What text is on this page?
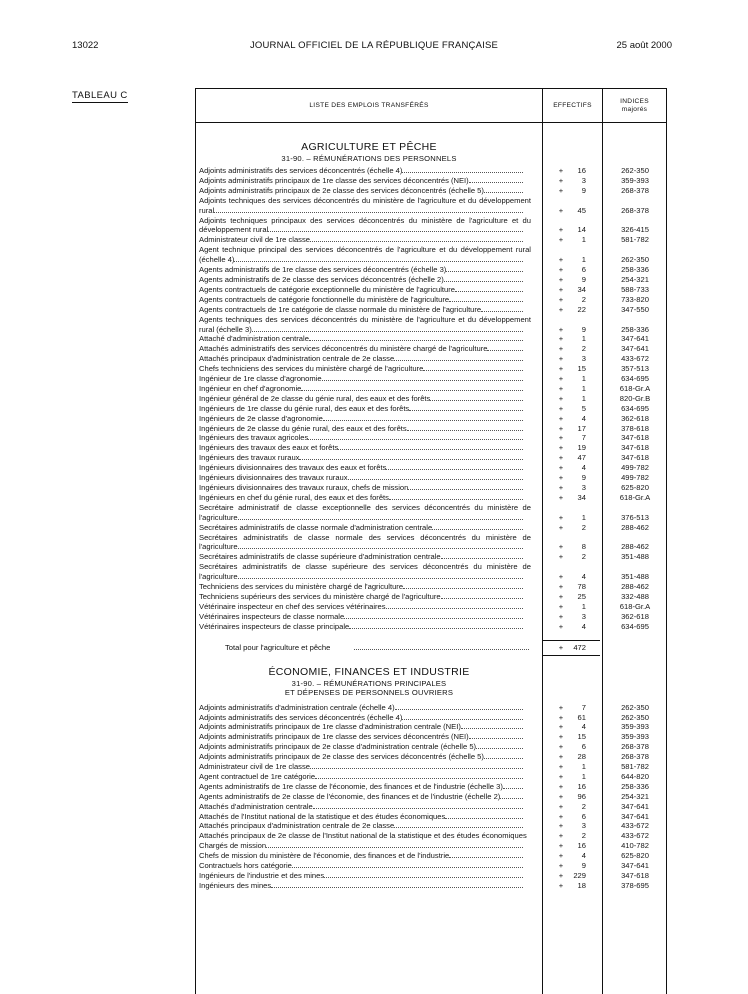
13022	JOURNAL OFFICIEL DE LA RÉPUBLIQUE FRANÇAISE	25 août 2000
TABLEAU C
LISTE DES EMPLOIS TRANSFÉRÉS	EFFECTIFS
INDICES
majorés
AGRICULTURE ET PÊCHE
31-90. – RÉMUNÉRATIONS DES PERSONNELS
Adjoints administratifs des services déconcentrés (échelle 4)	+	16	262-350
Adjoints administratifs principaux de 1re classe des services déconcentrés (NEI)	+	3	359-393
Adjoints administratifs principaux de 2e classe des services déconcentrés (échelle 5)	+	9	268-378
Adjoints techniques des services déconcentrés du ministère de l'agriculture et du développement rural	+	45	268-378
Adjoints techniques principaux des services déconcentrés du ministère de l'agriculture et du développement rural	+	14	326-415
Administrateur civil de 1re classe	+	1	581-782
Agent technique principal des services déconcentrés de l'agriculture et du développement rural (échelle 4)	+	1	262-350
Agents administratifs de 1re classe des services déconcentrés (échelle 3)	+	6	258-336
Agents administratifs de 2e classe des services déconcentrés (échelle 2)	+	9	254-321
Agents contractuels de catégorie exceptionnelle du ministère de l'agriculture	+	34	588-733
Agents contractuels de catégorie fonctionnelle du ministère de l'agriculture	+	2	733-820
Agents contractuels de 1re catégorie de classe normale du ministère de l'agriculture	+	22	347-550
Agents techniques des services déconcentrés du ministère de l'agriculture et du développement rural (échelle 3)	+	9	258-336
Attaché d'administration centrale	+	1	347-641
Attachés administratifs des services déconcentrés du ministère chargé de l'agriculture	+	2	347-641
Attachés principaux d'administration centrale de 2e classe	+	3	433-672
Chefs techniciens des services du ministère chargé de l'agriculture	+	15	357-513
Ingénieur de 1re classe d'agronomie	+	1	634-695
Ingénieur en chef d'agronomie	+	1	618-Gr.A
Ingénieur général de 2e classe du génie rural, des eaux et des forêts	+	1	820-Gr.B
Ingénieurs de 1re classe du génie rural, des eaux et des forêts	+	5	634-695
Ingénieurs de 2e classe d'agronomie	+	4	362-618
Ingénieurs de 2e classe du génie rural, des eaux et des forêts	+	17	378-618
Ingénieurs des travaux agricoles	+	7	347-618
Ingénieurs des travaux des eaux et forêts	+	19	347-618
Ingénieurs des travaux ruraux	+	47	347-618
Ingénieurs divisionnaires des travaux des eaux et forêts	+	4	499-782
Ingénieurs divisionnaires des travaux ruraux	+	9	499-782
Ingénieurs divisionnaires des travaux ruraux, chefs de mission	+	3	625-820
Ingénieurs en chef du génie rural, des eaux et des forêts	+	34	618-Gr.A
Secrétaire administratif de classe exceptionnelle des services déconcentrés du ministère de l'agriculture	+	1	376-513
Secrétaires administratifs de classe normale d'administration centrale	+	2	288-462
Secrétaires administratifs de classe normale des services déconcentrés du ministère de l'agriculture	+	8	288-462
Secrétaires administratifs de classe supérieure d'administration centrale	+	2	351-488
Secrétaires administratifs de classe supérieure des services déconcentrés du ministère de l'agriculture	+	4	351-488
Techniciens des services du ministère chargé de l'agriculture	+	78	288-462
Techniciens supérieurs des services du ministère chargé de l'agriculture	+	25	332-488
Vétérinaire inspecteur en chef des services vétérinaires	+	1	618-Gr.A
Vétérinaires inspecteurs de classe normale	+	3	362-618
Vétérinaires inspecteurs de classe principale	+	4	634-695
Total pour l'agriculture et pêche	+	472
ÉCONOMIE, FINANCES ET INDUSTRIE
31-90. – RÉMUNÉRATIONS PRINCIPALES
ET DÉPENSES DE PERSONNELS OUVRIERS
Adjoints administratifs d'administration centrale (échelle 4)	+	7	262-350
Adjoints administratifs des services déconcentrés (échelle 4)	+	61	262-350
Adjoints administratifs principaux de 1re classe d'administration centrale (NEI)	+	4	359-393
Adjoints administratifs principaux de 1re classe des services déconcentrés (NEI)	+	15	359-393
Adjoints administratifs principaux de 2e classe d'administration centrale (échelle 5)	+	6	268-378
Adjoints administratifs principaux de 2e classe des services déconcentrés (échelle 5)	+	28	268-378
Administrateur civil de 1re classe	+	1	581-782
Agent contractuel de 1re catégorie	+	1	644-820
Agents administratifs de 1re classe de l'économie, des finances et de l'industrie (échelle 3)	+	16	258-336
Agents administratifs de 2e classe de l'économie, des finances et de l'industrie (échelle 2)	+	96	254-321
Attachés d'administration centrale	+	2	347-641
Attachés de l'Institut national de la statistique et des études économiques	+	6	347-641
Attachés principaux d'administration centrale de 2e classe	+	3	433-672
Attachés principaux de 2e classe de l'Institut national de la statistique et des études économiques	+	2	433-672
Chargés de mission	+	16	410-782
Chefs de mission du ministère de l'économie, des finances et de l'industrie	+	4	625-820
Contractuels hors catégorie	+	9	347-641
Ingénieurs de l'industrie et des mines	+	229	347-618
Ingénieurs des mines	+	18	378-695
